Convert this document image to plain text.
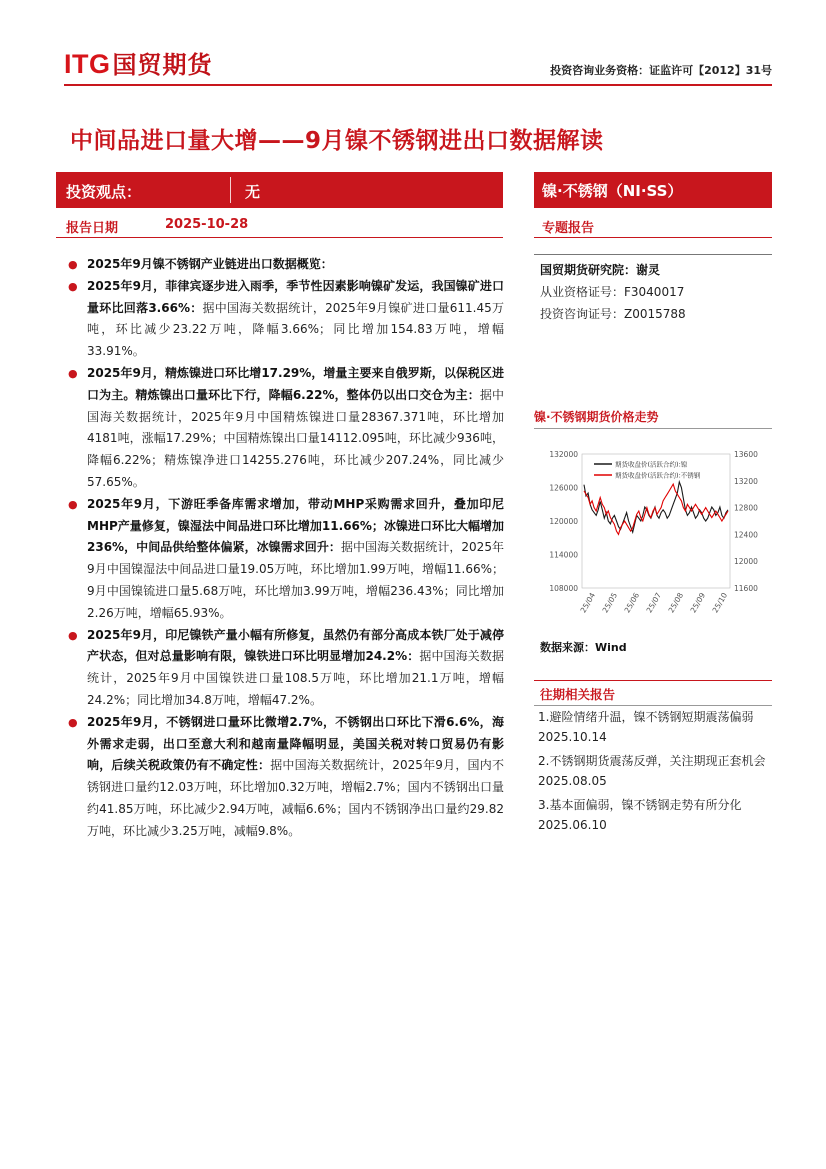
ITG国贸期货	投资咨询业务资格：证监许可【2012】31号
中间品进口量大增——9月镍不锈钢进出口数据解读
投资观点：	无
报告日期	2025-10-28
● 2025年9月镍不锈钢产业链进出口数据概览：
● 2025年9月，菲律宾逐步进入雨季，季节性因素影响镍矿发运，我国镍矿进口量环比回落3.66%：据中国海关数据统计，2025年9月镍矿进口量611.45万吨，环比减少23.22万吨，降幅3.66%；同比增加154.83万吨，增幅33.91%。
● 2025年9月，精炼镍进口环比增17.29%，增量主要来自俄罗斯，以保税区进口为主。精炼镍出口量环比下行，降幅6.22%，整体仍以出口交仓为主：据中国海关数据统计，2025年9月中国精炼镍进口量28367.371吨，环比增加4181吨，涨幅17.29%；中国精炼镍出口量14112.095吨，环比减少936吨，降幅6.22%；精炼镍净进口14255.276吨，环比减少207.24%，同比减少57.65%。
● 2025年9月，下游旺季备库需求增加，带动MHP采购需求回升，叠加印尼MHP产量修复，镍湿法中间品进口环比增加11.66%；冰镍进口环比大幅增加236%，中间品供给整体偏紧，冰镍需求回升：据中国海关数据统计，2025年9月中国镍湿法中间品进口量19.05万吨，环比增加1.99万吨，增幅11.66%；9月中国镍锍进口量5.68万吨，环比增加3.99万吨，增幅236.43%；同比增加2.26万吨，增幅65.93%。
● 2025年9月，印尼镍铁产量小幅有所修复，虽然仍有部分高成本铁厂处于减停产状态，但对总量影响有限，镍铁进口环比明显增加24.2%：据中国海关数据统计，2025年9月中国镍铁进口量108.5万吨，环比增加21.1万吨，增幅24.2%；同比增加34.8万吨，增幅47.2%。
● 2025年9月，不锈钢进口量环比微增2.7%，不锈钢出口环比下滑6.6%，海外需求走弱，出口至意大利和越南量降幅明显，美国关税对转口贸易仍有影响，后续关税政策仍有不确定性：据中国海关数据统计，2025年9月，国内不锈钢进口量约12.03万吨，环比增加0.32万吨，增幅2.7%；国内不锈钢出口量约41.85万吨，环比减少2.94万吨，减幅6.6%；国内不锈钢净出口量约29.82万吨，环比减少3.25万吨，减幅9.8%。
镍·不锈钢（NI·SS）
专题报告
国贸期货研究院：谢灵
从业资格证号：F3040017
投资咨询证号：Z0015788
镍·不锈钢期货价格走势
132000
126000
120000
114000
108000
13600
13200
12800
12400
12000
11600
25/04 25/05 25/06 25/07 25/08 25/09 25/10
期货收盘价(活跃合约):镍
期货收盘价(活跃合约):不锈钢
数据来源：Wind
往期相关报告
1.避险情绪升温，镍不锈钢短期震荡偏弱 2025.10.14
2.不锈钢期货震荡反弹，关注期现正套机会 2025.08.05
3.基本面偏弱，镍不锈钢走势有所分化 2025.06.10
